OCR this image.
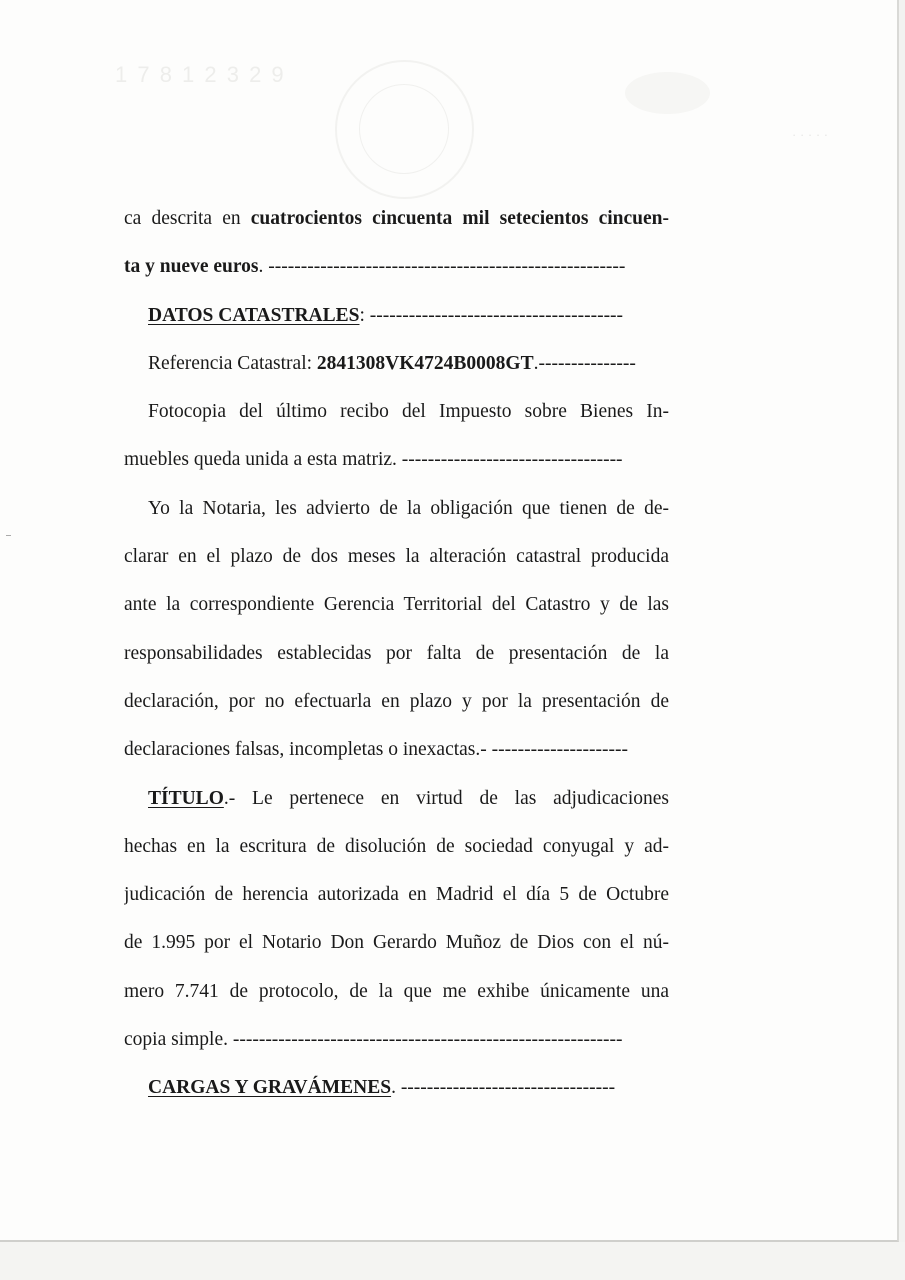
1 7 8 1 2 3 2 9
· · · · ·
ca descrita en cuatrocientos cincuenta mil setecientos cincuen-
ta y nueve euros. -------------------------------------------------------
DATOS CATASTRALES: ---------------------------------------
Referencia Catastral: 2841308VK4724B0008GT.---------------
Fotocopia del último recibo del Impuesto sobre Bienes In-
muebles queda unida a esta matriz. ----------------------------------
Yo la Notaria, les advierto de la obligación que tienen de de-
clarar en el plazo de dos meses la alteración catastral producida
ante la correspondiente Gerencia Territorial del Catastro y de las
responsabilidades establecidas por falta de presentación de la
declaración, por no efectuarla en plazo y por la presentación de
declaraciones falsas, incompletas o inexactas.- ---------------------
TÍTULO.- Le pertenece en virtud de las adjudicaciones
hechas en la escritura de disolución de sociedad conyugal y ad-
judicación de herencia autorizada en Madrid el día 5 de Octubre
de 1.995 por el Notario Don Gerardo Muñoz de Dios con el nú-
mero 7.741 de protocolo, de la que me exhibe únicamente una
copia simple. ------------------------------------------------------------
CARGAS Y GRAVÁMENES. ---------------------------------
